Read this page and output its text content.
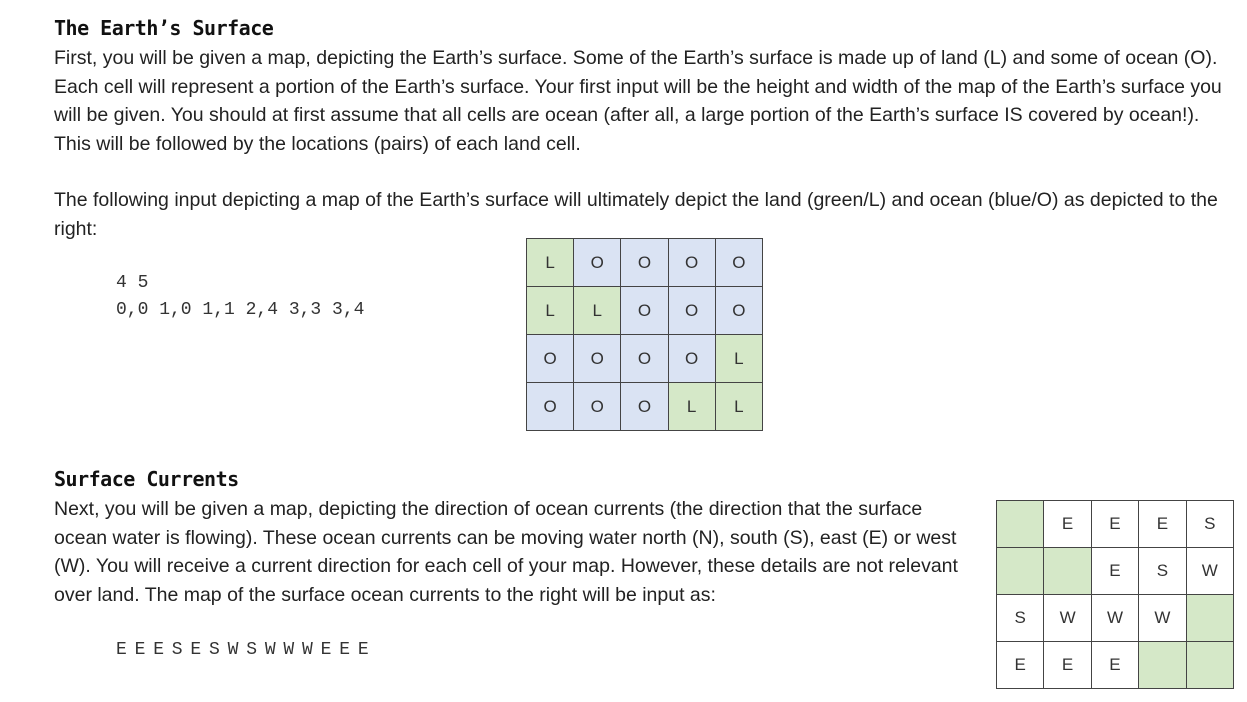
The Earth’s Surface

First, you will be given a map, depicting the Earth’s surface. Some of the Earth’s surface is made up of land (L) and some of ocean (O). Each cell will represent a portion of the Earth’s surface. Your first input will be the height and width of the map of the Earth’s surface you will be given. You should at first assume that all cells are ocean (after all, a large portion of the Earth’s surface IS covered by ocean!). This will be followed by the locations (pairs) of each land cell.

The following input depicting a map of the Earth’s surface will ultimately depict the land (green/L) and ocean (blue/O) as depicted to the right:

4 5
0,0 1,0 1,1 2,4 3,3 3,4
L	O	O	O	O
L	L	O	O	O
O	O	O	O	L
O	O	O	L	L
Surface Currents

Next, you will be given a map, depicting the direction of ocean currents (the direction that the surface ocean water is flowing). These ocean currents can be moving water north (N), south (S), east (E) or west (W). You will receive a current direction for each cell of your map. However, these details are not relevant over land. The map of the surface ocean currents to the right will be input as:

E E E S E S W S W W W E E E
	E	E	E	S
		E	S	W
S	W	W	W	
E	E	E		
